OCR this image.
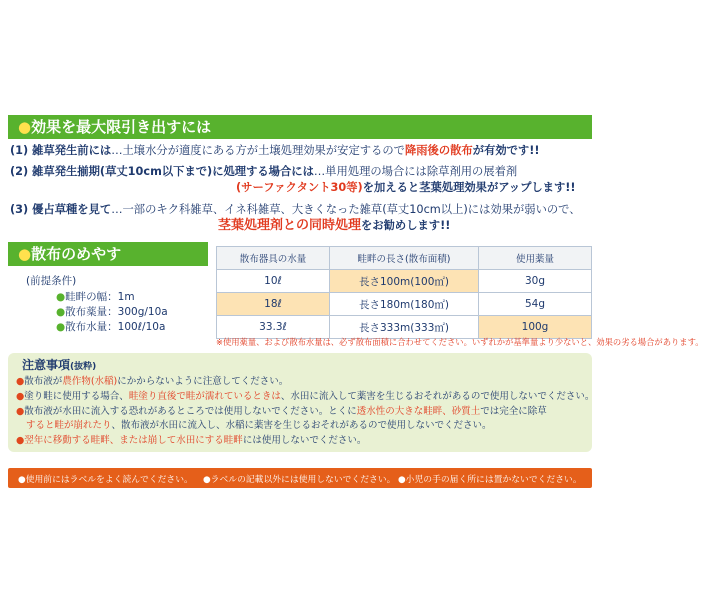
●効果を最大限引き出すには
(1) 雑草発生前には…土壌水分が適度にある方が土壌処理効果が安定するので降雨後の散布が有効です!!
(2) 雑草発生揃期(草丈10cm以下まで)に処理する場合には…単用処理の場合には除草剤用の展着剤
(サーファクタント30等)を加えると茎葉処理効果がアップします!!
(3) 優占草種を見て…一部のキク科雑草、イネ科雑草、大きくなった雑草(草丈10cm以上)には効果が弱いので、
茎葉処理剤との同時処理をお勧めします!!
●散布のめやす
(前提条件)
●畦畔の幅：1m
●散布薬量：300g/10a
●散布水量：100ℓ/10a
散布器具の水量	畦畔の長さ(散布面積)	使用薬量
10ℓ	長さ100m(100㎡)	30g
18ℓ	長さ180m(180㎡)	54g
33.3ℓ	長さ333m(333㎡)	100g
※使用薬量、および散布水量は、必ず散布面積に合わせてください。いずれかが基準量より少ないと、効果の劣る場合があります。
注意事項(抜粋)
●散布液が農作物(水稲)にかからないように注意してください。
●塗り畦に使用する場合、畦塗り直後で畦が濡れているときは、水田に流入して薬害を生じるおそれがあるので使用しないでください。
●散布液が水田に流入する恐れがあるところでは使用しないでください。とくに透水性の大きな畦畔、砂質土では完全に除草
すると畦が崩れたり、散布液が水田に流入し、水稲に薬害を生じるおそれがあるので使用しないでください。
●翌年に移動する畦畔、または崩して水田にする畦畔には使用しないでください。
●使用前にはラベルをよく読んでください。 ●ラベルの記載以外には使用しないでください。 ●小児の手の届く所には置かないでください。
